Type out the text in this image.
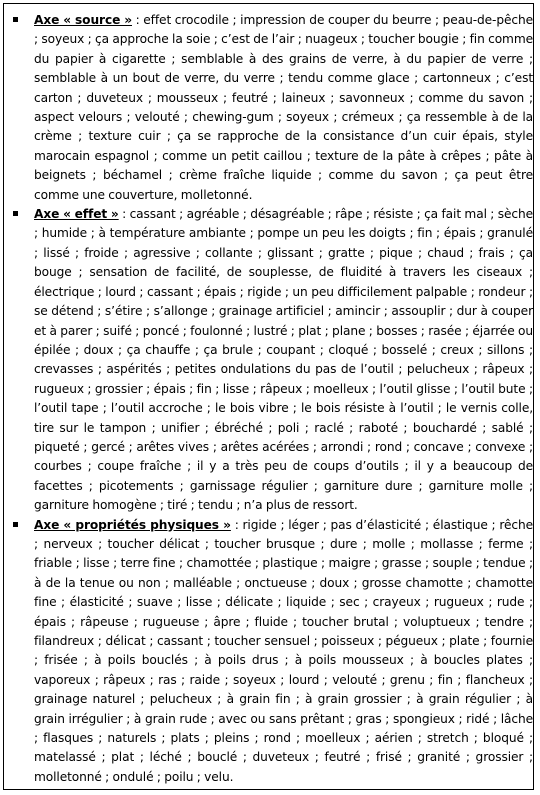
Axe « source » : effet crocodile ; impression de couper du beurre ; peau-de-pêche ; soyeux ; ça approche la soie ; c’est de l’air ; nuageux ; toucher bougie ; fin comme du papier à cigarette ; semblable à des grains de verre, à du papier de verre ; semblable à un bout de verre, du verre ; tendu comme glace ; cartonneux ; c’est carton ; duveteux ; mousseux ; feutré ; laineux ; savonneux ; comme du savon ; aspect velours ; velouté ; chewing-gum ; soyeux ; crémeux ; ça ressemble à de la crème ; texture cuir ; ça se rapproche de la consistance d’un cuir épais, style marocain espagnol ; comme un petit caillou ; texture de la pâte à crêpes ; pâte à beignets ; béchamel ; crème fraîche liquide ; comme du savon ; ça peut être comme une couverture, molletonné.
Axe « effet » : cassant ; agréable ; désagréable ; râpe ; résiste ; ça fait mal ; sèche ; humide ; à température ambiante ; pompe un peu les doigts ; fin ; épais ; granulé ; lissé ; froide ; agressive ; collante ; glissant ; gratte ; pique ; chaud ; frais ; ça bouge ; sensation de facilité, de souplesse, de fluidité à travers les ciseaux ; électrique ; lourd ; cassant ; épais ; rigide ; un peu difficilement palpable ; rondeur ; se détend ; s’étire ; s’allonge ; grainage artificiel ; amincir ; assouplir ; dur à couper et à parer ; suifé ; poncé ; foulonné ; lustré ; plat ; plane ; bosses ; rasée ; éjarrée ou épilée ; doux ; ça chauffe ; ça brule ; coupant ; cloqué ; bosselé ; creux ; sillons ; crevasses ; aspérités ; petites ondulations du pas de l’outil ; pelucheux ; râpeux ; rugueux ; grossier ; épais ; fin ; lisse ; râpeux ; moelleux ; l’outil glisse ; l’outil bute ; l’outil tape ; l’outil accroche ; le bois vibre ; le bois résiste à l’outil ; le vernis colle, tire sur le tampon ; unifier ; ébréché ; poli ; raclé ; raboté ; bouchardé ; sablé ; piqueté ; gercé ; arêtes vives ; arêtes acérées ; arrondi ; rond ; concave ; convexe ; courbes ; coupe fraîche ; il y a très peu de coups d’outils ; il y a beaucoup de facettes ; picotements ; garnissage régulier ; garniture dure ; garniture molle ; garniture homogène ; tiré ; tendu ; n’a plus de ressort.
Axe « propriétés physiques » : rigide ; léger ; pas d’élasticité ; élastique ; rêche ; nerveux ; toucher délicat ; toucher brusque ; dure ; molle ; mollasse ; ferme ; friable ; lisse ; terre fine ; chamottée ; plastique ; maigre ; grasse ; souple ; tendue ; à de la tenue ou non ; malléable ; onctueuse ; doux ; grosse chamotte ; chamotte fine ; élasticité ; suave ; lisse ; délicate ; liquide ; sec ; crayeux ; rugueux ; rude ; épais ; râpeuse ; rugueuse ; âpre ; fluide ; toucher brutal ; voluptueux ; tendre ; filandreux ; délicat ; cassant ; toucher sensuel ; poisseux ; pégueux ; plate ; fournie ; frisée ; à poils bouclés ; à poils drus ; à poils mousseux ; à boucles plates ; vaporeux ; râpeux ; ras ; raide ; soyeux ; lourd ; velouté ; grenu ; fin ; flancheux ; grainage naturel ; pelucheux ; à grain fin ; à grain grossier ; à grain régulier ; à grain irrégulier ; à grain rude ; avec ou sans prêtant ; gras ; spongieux ; ridé ; lâche ; flasques ; naturels ; plats ; pleins ; rond ; moelleux ; aérien ; stretch ; bloqué ; matelassé ; plat ; léché ; bouclé ; duveteux ; feutré ; frisé ; granité ; grossier ; molletonné ; ondulé ; poilu ; velu.
